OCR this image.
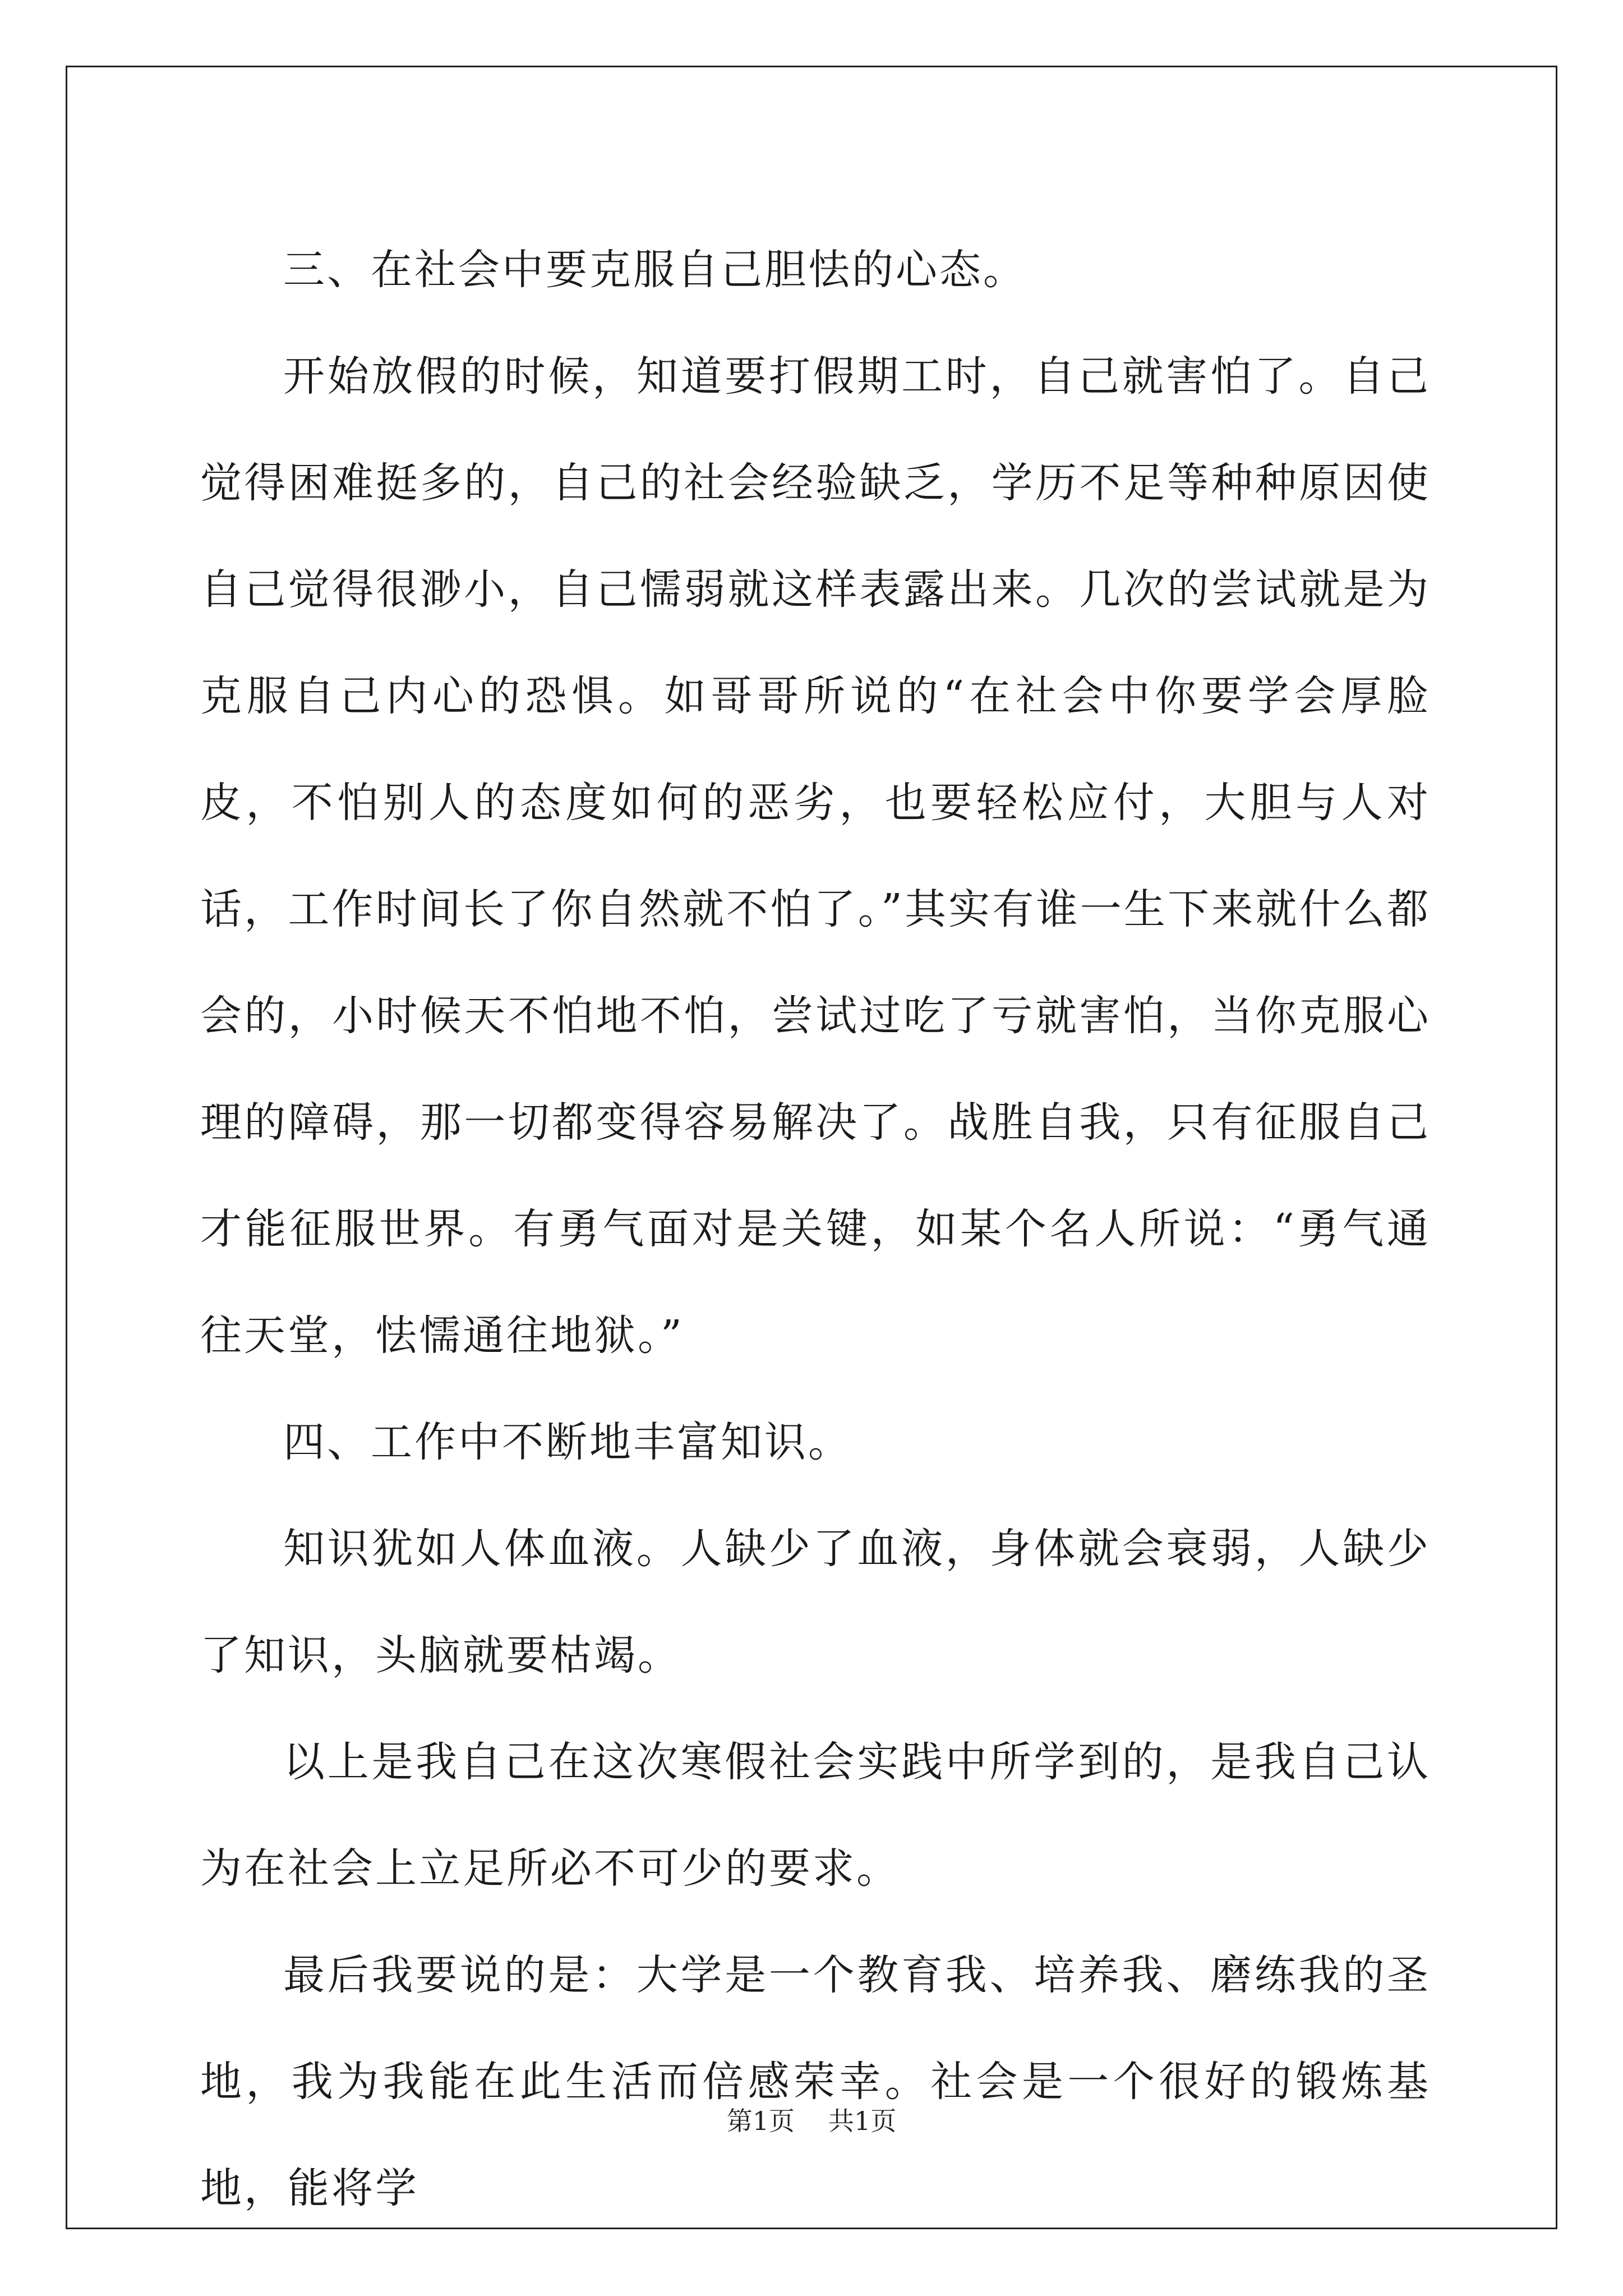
三、在社会中要克服自己胆怯的心态。

开始放假的时候，知道要打假期工时，自己就害怕了。自己觉得困难挺多的，自己的社会经验缺乏，学历不足等种种原因使自己觉得很渺小，自己懦弱就这样表露出来。几次的尝试就是为克服自己内心的恐惧。如哥哥所说的“在社会中你要学会厚脸皮，不怕别人的态度如何的恶劣，也要轻松应付，大胆与人对话，工作时间长了你自然就不怕了。”其实有谁一生下来就什么都会的，小时候天不怕地不怕，尝试过吃了亏就害怕，当你克服心理的障碍，那一切都变得容易解决了。战胜自我，只有征服自己才能征服世界。有勇气面对是关键，如某个名人所说：“勇气通往天堂，怯懦通往地狱。”

四、工作中不断地丰富知识。

知识犹如人体血液。人缺少了血液，身体就会衰弱，人缺少了知识，头脑就要枯竭。

以上是我自己在这次寒假社会实践中所学到的，是我自己认为在社会上立足所必不可少的要求。

最后我要说的是：大学是一个教育我、培养我、磨练我的圣地，我为我能在此生活而倍感荣幸。社会是一个很好的锻炼基地，能将学

第1页 共1页
